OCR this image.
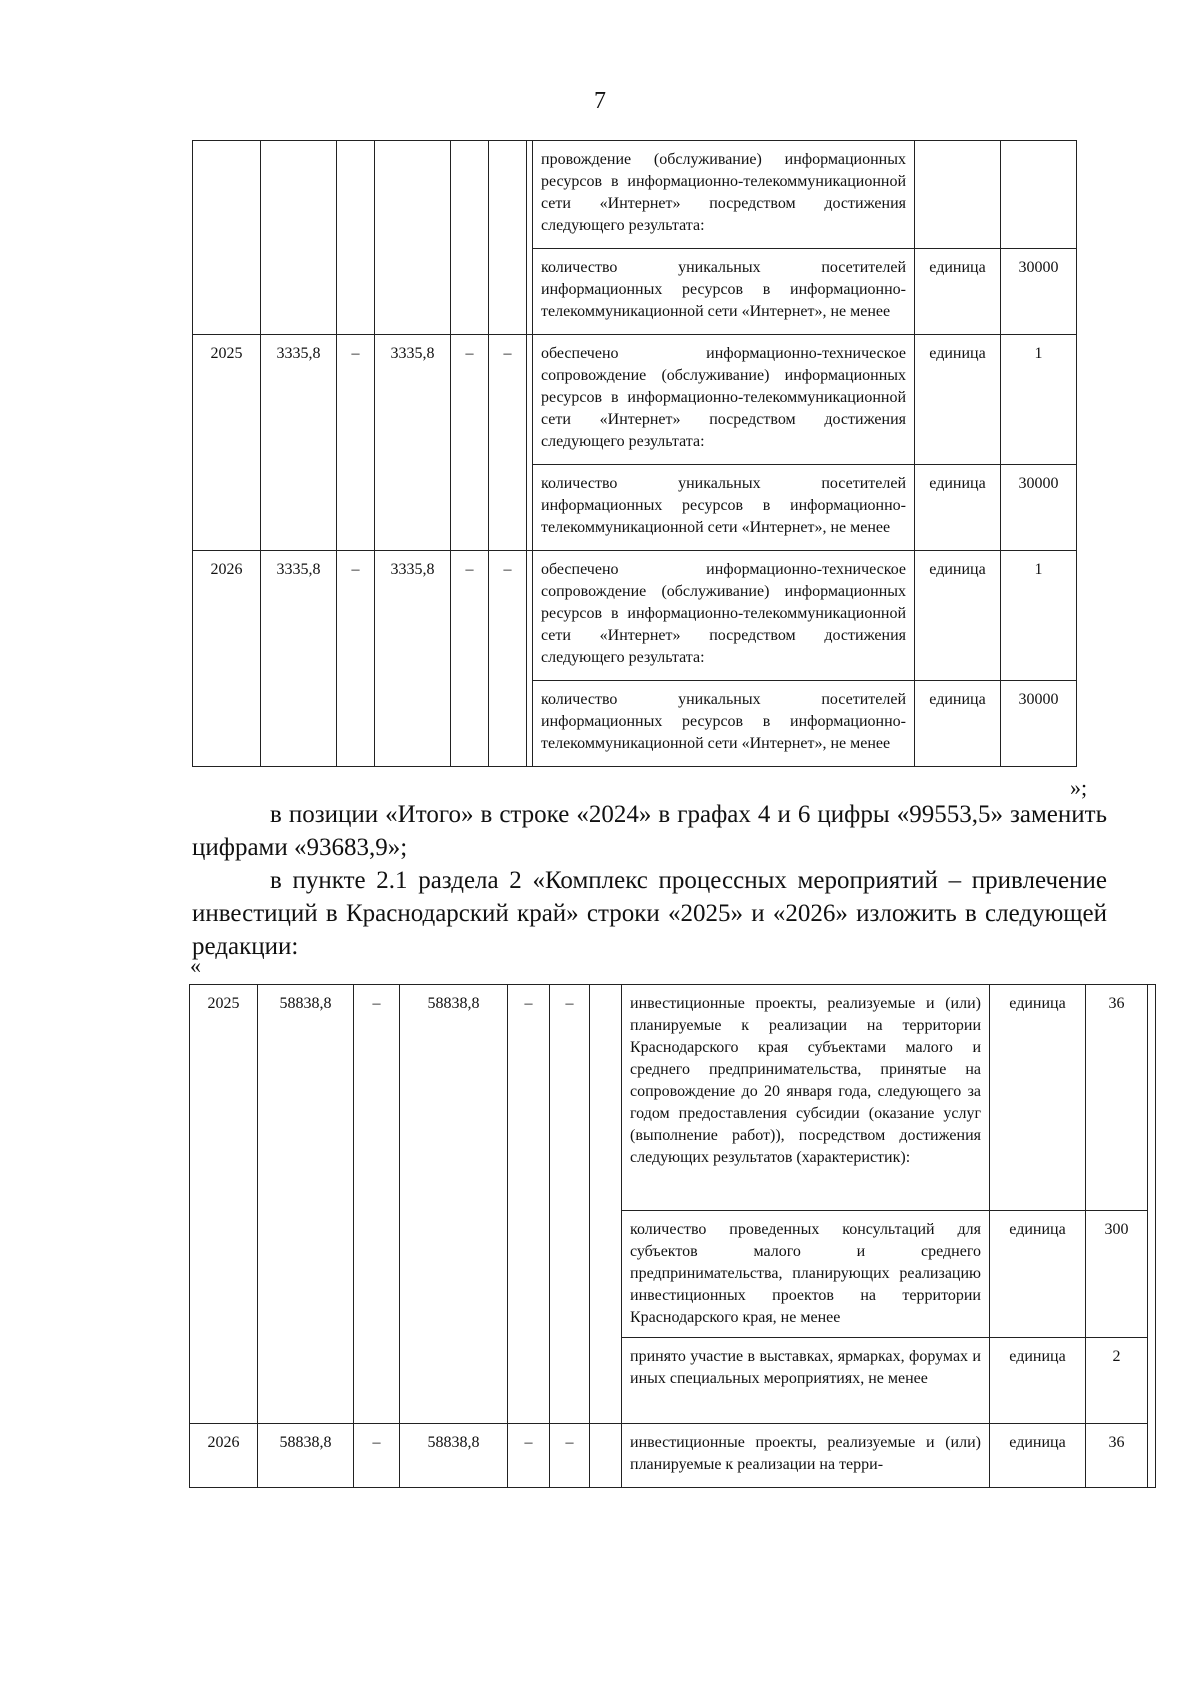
7
							провождение (обслуживание) информационных ресурсов в информационно-телекоммуникационной сети «Интернет» посредством достижения следующего результата:		
							количество уникальных посетителей информационных ресурсов в информационно-телекоммуникационной сети «Интернет», не менее	единица	30000
2025	3335,8	–	3335,8	–	–		обеспечено информационно-техническое сопровождение (обслуживание) информационных ресурсов в информационно-телекоммуникационной сети «Интернет» посредством достижения следующего результата:	единица	1
							количество уникальных посетителей информационных ресурсов в информационно-телекоммуникационной сети «Интернет», не менее	единица	30000
2026	3335,8	–	3335,8	–	–		обеспечено информационно-техническое сопровождение (обслуживание) информационных ресурсов в информационно-телекоммуникационной сети «Интернет» посредством достижения следующего результата:	единица	1
							количество уникальных посетителей информационных ресурсов в информационно-телекоммуникационной сети «Интернет», не менее	единица	30000
»;

в позиции «Итого» в строке «2024» в графах 4 и 6 цифры «99553,5» заменить цифрами «93683,9»;

в пункте 2.1 раздела 2 «Комплекс процессных мероприятий – привлечение инвестиций в Краснодарский край» строки «2025» и «2026» изложить в следующей редакции:

«
2025	58838,8	–	58838,8	–	–		инвестиционные проекты, реализуемые и (или) планируемые к реализации на территории Краснодарского края субъектами малого и среднего предпринимательства, принятые на сопровождение до 20 января года, следующего за годом предоставления субсидии (оказание услуг (выполнение работ)), посредством достижения следующих результатов (характеристик):	единица	36	
							количество проведенных консультаций для субъектов малого и среднего предпринимательства, планирующих реализацию инвестиционных проектов на территории Краснодарского края, не менее	единица	300	
							принято участие в выставках, ярмарках, форумах и иных специальных мероприятиях, не менее	единица	2	
2026	58838,8	–	58838,8	–	–		инвестиционные проекты, реализуемые и (или) планируемые к реализации на терри-	единица	36	
